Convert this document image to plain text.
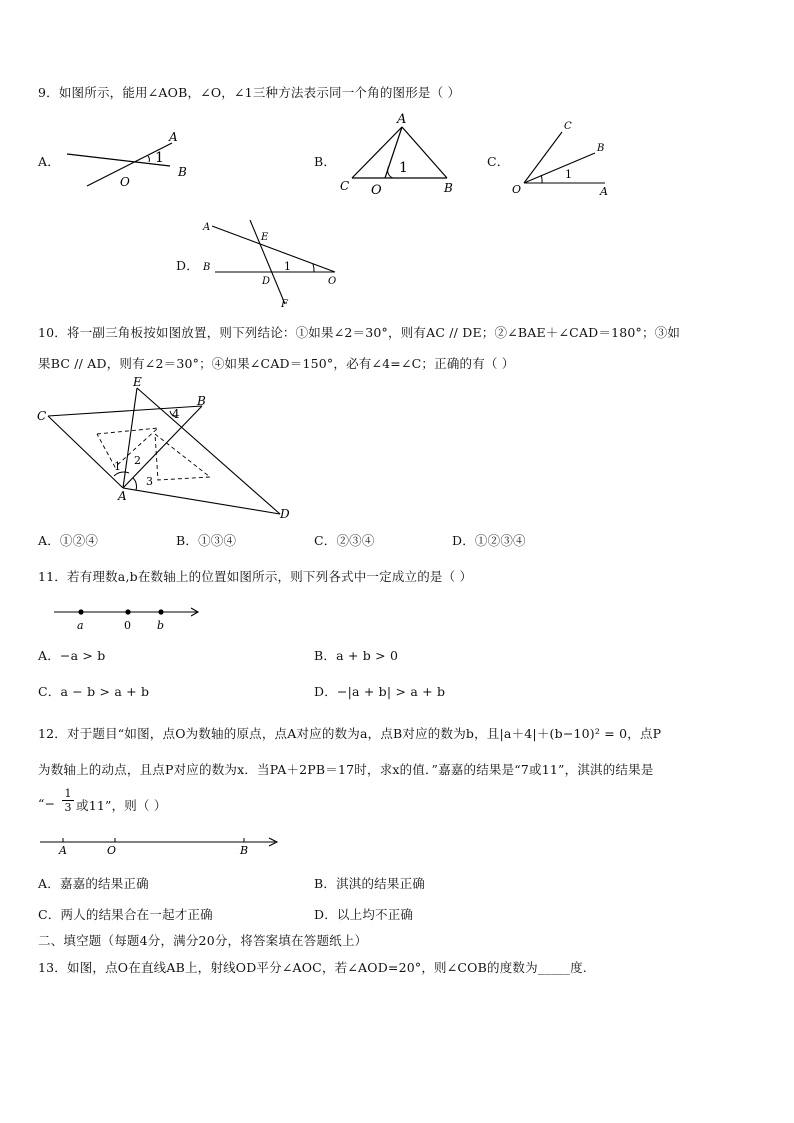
9．如图所示，能用∠AOB，∠O，∠1三种方法表示同一个角的图形是（ ）
A．
A
O
B
1	B．
A
C O	B
1	C．
C
B
O	A
1
D．
A
E
B
D	O
F
1
10．将一副三角板按如图放置，则下列结论：①如果∠2＝30°，则有AC // DE；②∠BAE＋∠CAD＝180°；③如
果BC // AD，则有∠2＝30°；④如果∠CAD＝150°，必有∠4=∠C；正确的有（ ）
E
B
C	4
1 2
3
A
D
A．①②④	B．①③④	C．②③④	D．①②③④
11．若有理数a,b在数轴上的位置如图所示，则下列各式中一定成立的是（ ）
a	0 b
A．−a > b	B．a + b > 0
C．a − b > a + b	D．−|a + b| > a + b
12．对于题目“如图，点O为数轴的原点，点A对应的数为a，点B对应的数为b，且|a＋4|＋(b−10)² = 0，点P
为数轴上的动点，且点P对应的数为x．当PA＋2PB＝17时，求x的值．”嘉嘉的结果是“7或11”，淇淇的结果是
“− $\frac{1}{3}$ 或11”，则（ ）
A	O	B
A．嘉嘉的结果正确	B．淇淇的结果正确
C．两人的结果合在一起才正确	D．以上均不正确
二、填空题（每题4分，满分20分，将答案填在答题纸上）
13．如图，点O在直线AB上，射线OD平分∠AOC，若∠AOD=20°，则∠COB的度数为_____度.
